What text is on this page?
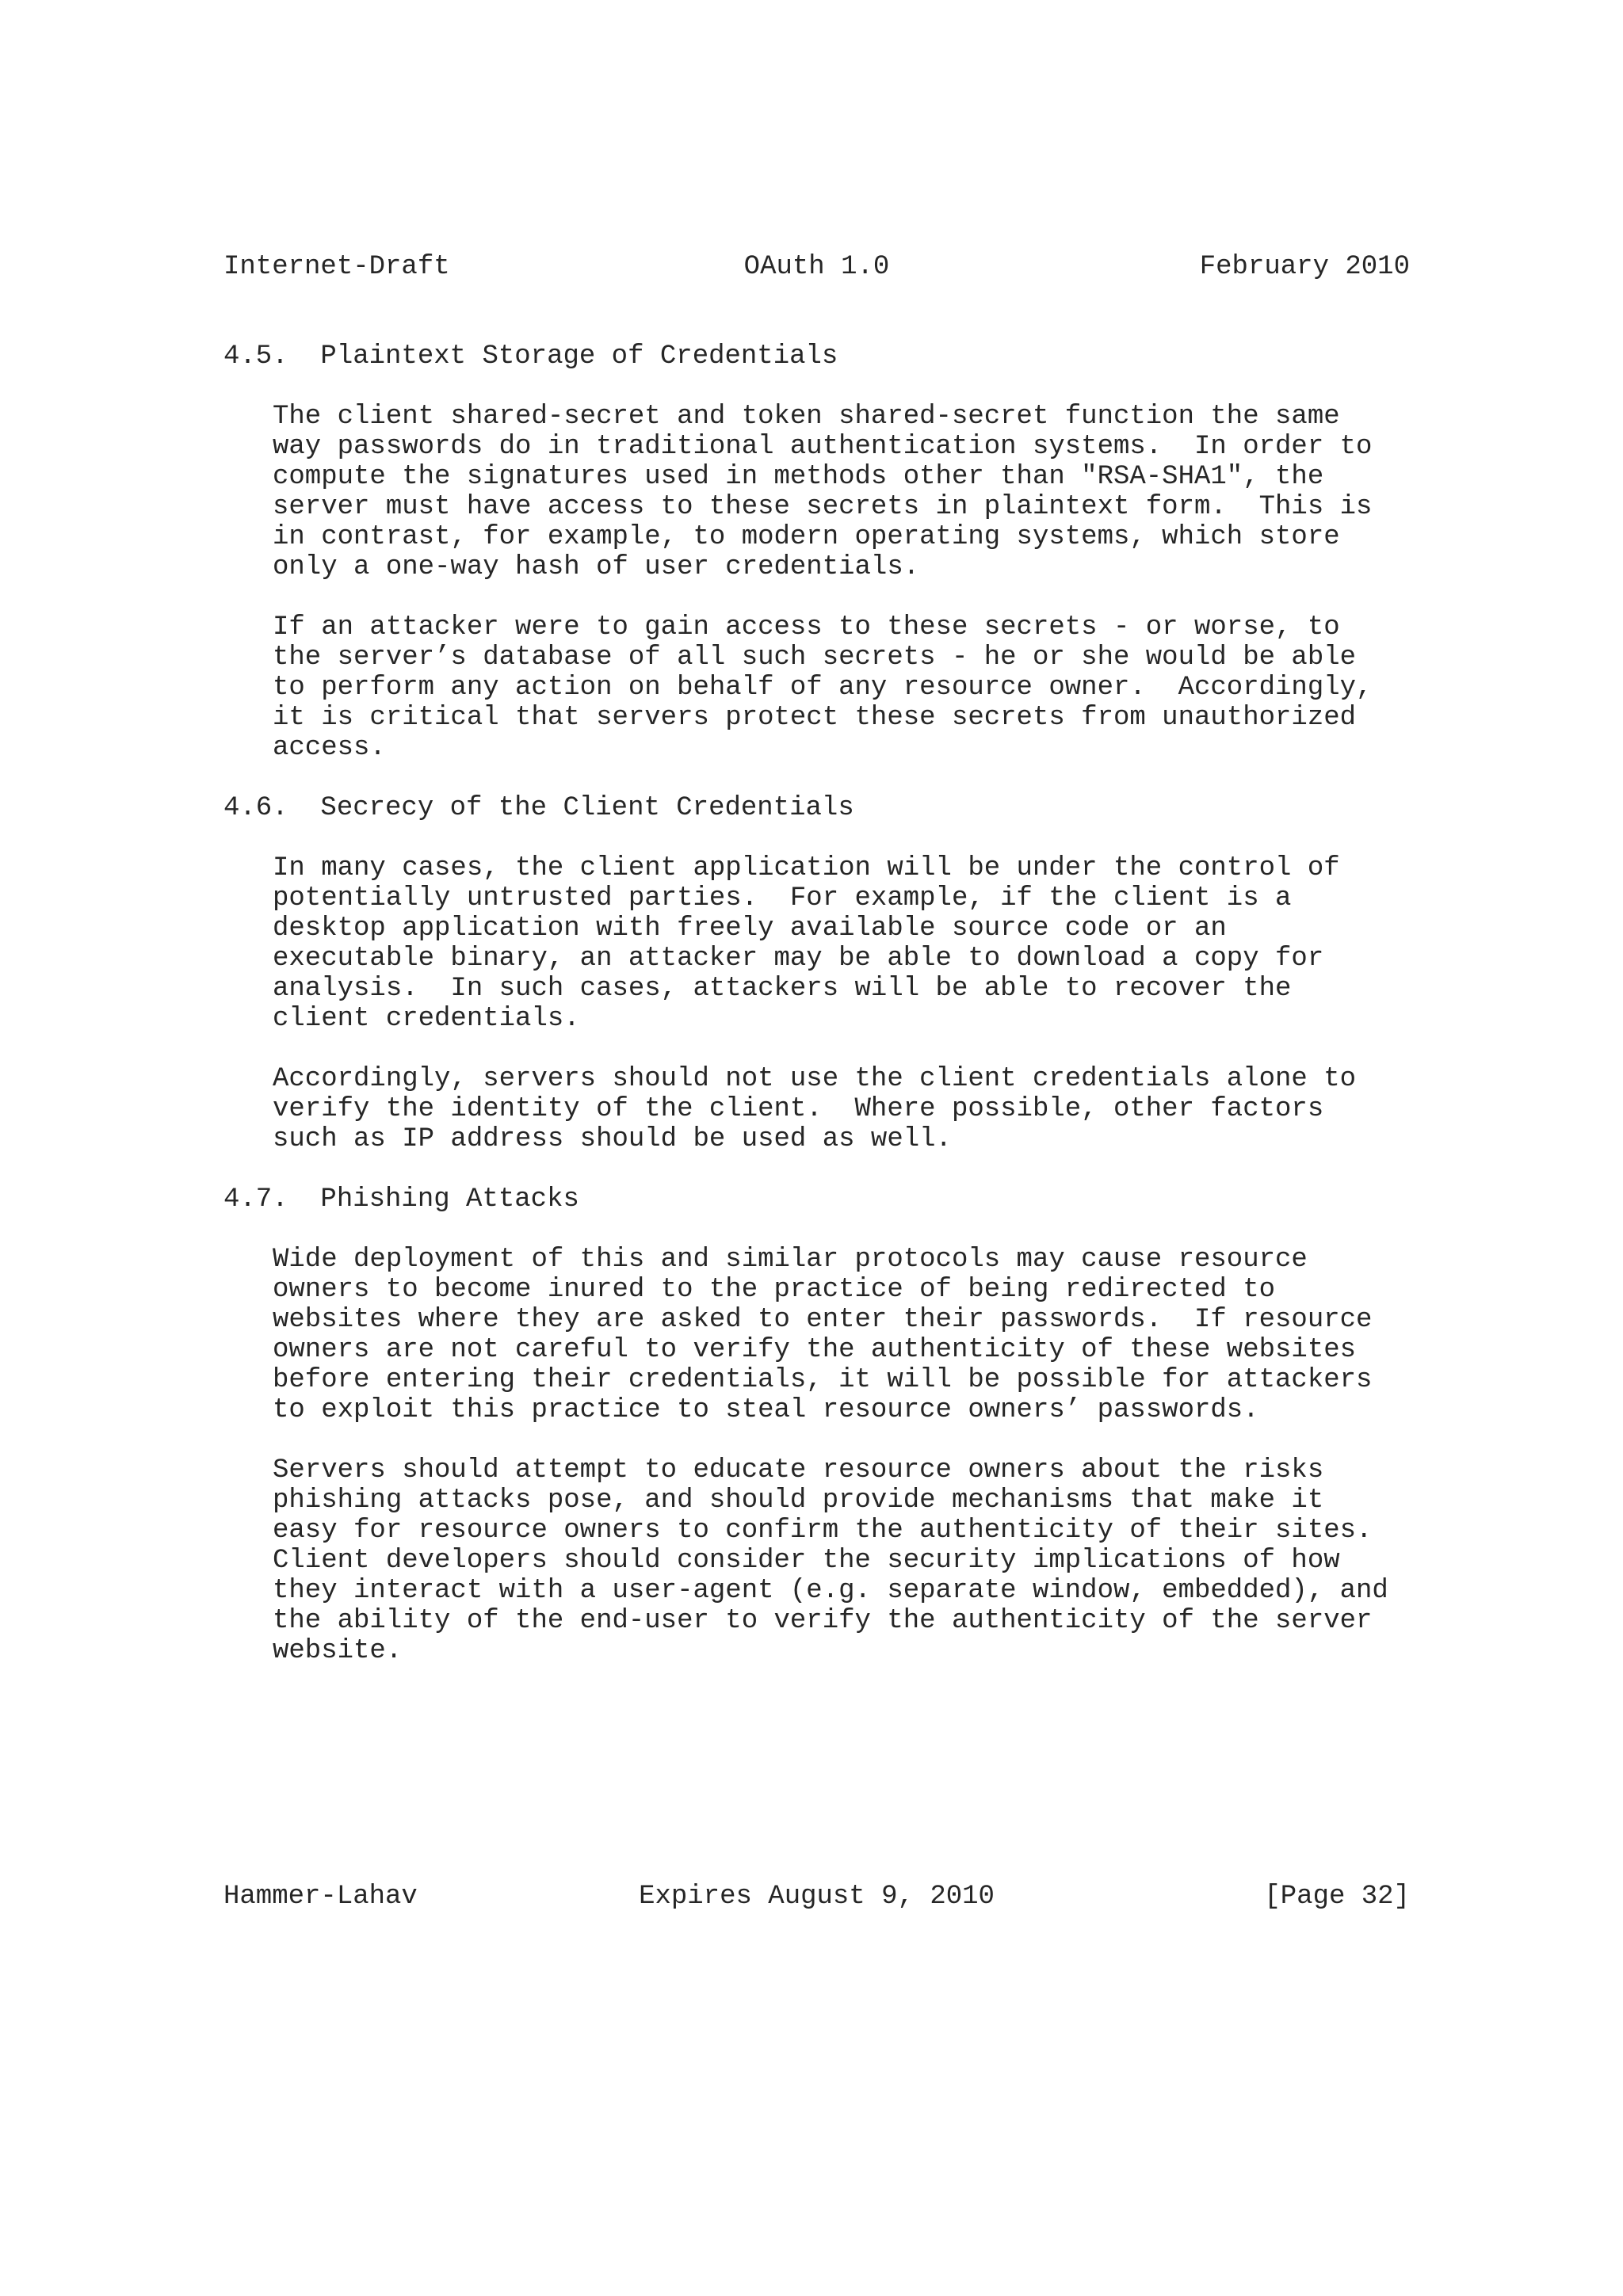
Internet-Draft

	OAuth 1.0

	February 2010

4.5.  Plaintext Storage of Credentials
The client shared-secret and token shared-secret function the same
way passwords do in traditional authentication systems.  In order to
compute the signatures used in methods other than "RSA-SHA1", the
server must have access to these secrets in plaintext form.  This is
in contrast, for example, to modern operating systems, which store
only a one-way hash of user credentials.
If an attacker were to gain access to these secrets - or worse, to
the server’s database of all such secrets - he or she would be able
to perform any action on behalf of any resource owner.  Accordingly,
it is critical that servers protect these secrets from unauthorized
access.
4.6.  Secrecy of the Client Credentials
In many cases, the client application will be under the control of
potentially untrusted parties.  For example, if the client is a
desktop application with freely available source code or an
executable binary, an attacker may be able to download a copy for
analysis.  In such cases, attackers will be able to recover the
client credentials.
Accordingly, servers should not use the client credentials alone to
verify the identity of the client.  Where possible, other factors
such as IP address should be used as well.
4.7.  Phishing Attacks
Wide deployment of this and similar protocols may cause resource
owners to become inured to the practice of being redirected to
websites where they are asked to enter their passwords.  If resource
owners are not careful to verify the authenticity of these websites
before entering their credentials, it will be possible for attackers
to exploit this practice to steal resource owners’ passwords.
Servers should attempt to educate resource owners about the risks
phishing attacks pose, and should provide mechanisms that make it
easy for resource owners to confirm the authenticity of their sites.
Client developers should consider the security implications of how
they interact with a user-agent (e.g. separate window, embedded), and
the ability of the end-user to verify the authenticity of the server
website.

Hammer-Lahav

	Expires August 9, 2010

	[Page 32]
